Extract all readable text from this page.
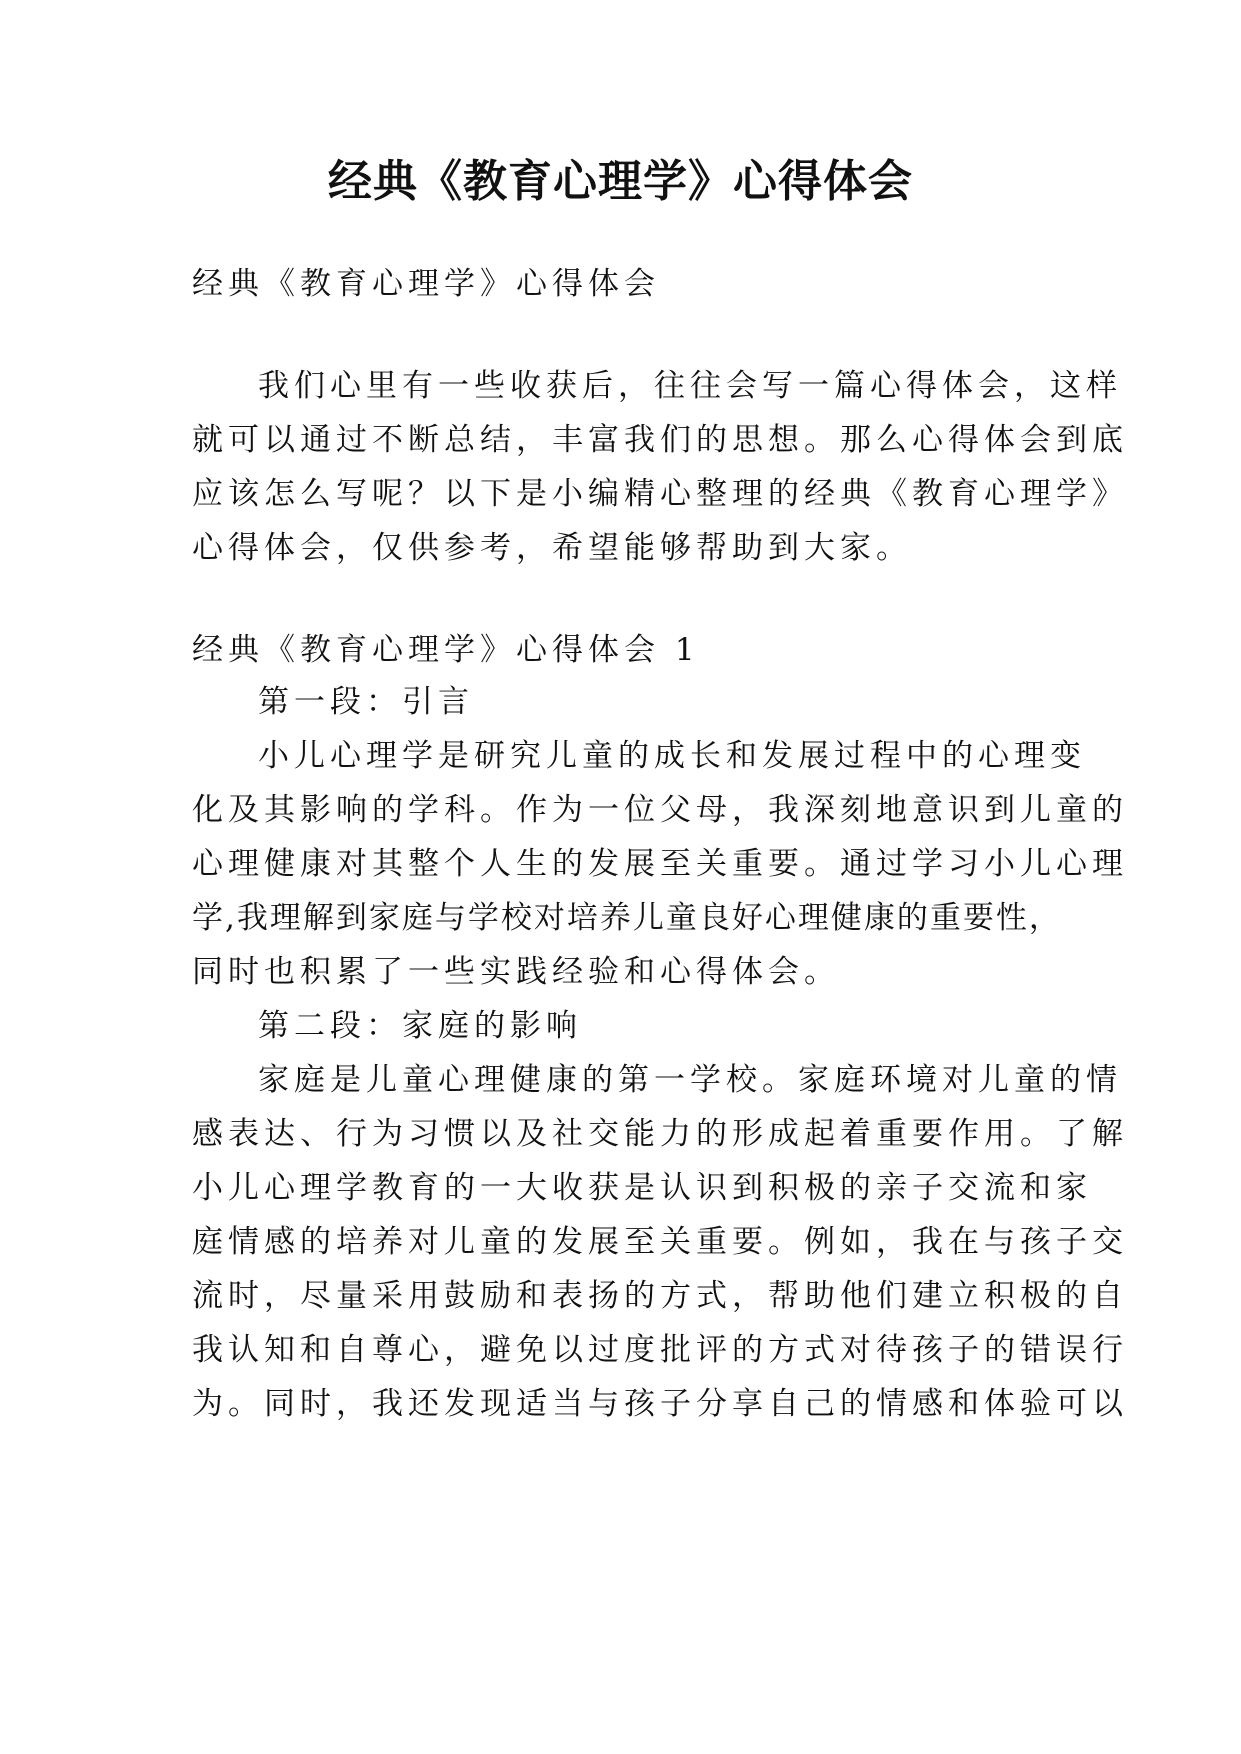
经典《教育心理学》心得体会
经典《教育心理学》心得体会
我们心里有一些收获后，往往会写一篇心得体会，这样
就可以通过不断总结，丰富我们的思想。那么心得体会到底
应该怎么写呢？以下是小编精心整理的经典《教育心理学》
心得体会，仅供参考，希望能够帮助到大家。
经典《教育心理学》心得体会 1
第一段：引言
小儿心理学是研究儿童的成长和发展过程中的心理变
化及其影响的学科。作为一位父母，我深刻地意识到儿童的
心理健康对其整个人生的发展至关重要。通过学习小儿心理
学,我理解到家庭与学校对培养儿童良好心理健康的重要性，
同时也积累了一些实践经验和心得体会。
第二段：家庭的影响
家庭是儿童心理健康的第一学校。家庭环境对儿童的情
感表达、行为习惯以及社交能力的形成起着重要作用。了解
小儿心理学教育的一大收获是认识到积极的亲子交流和家
庭情感的培养对儿童的发展至关重要。例如，我在与孩子交
流时，尽量采用鼓励和表扬的方式，帮助他们建立积极的自
我认知和自尊心，避免以过度批评的方式对待孩子的错误行
为。同时，我还发现适当与孩子分享自己的情感和体验可以
